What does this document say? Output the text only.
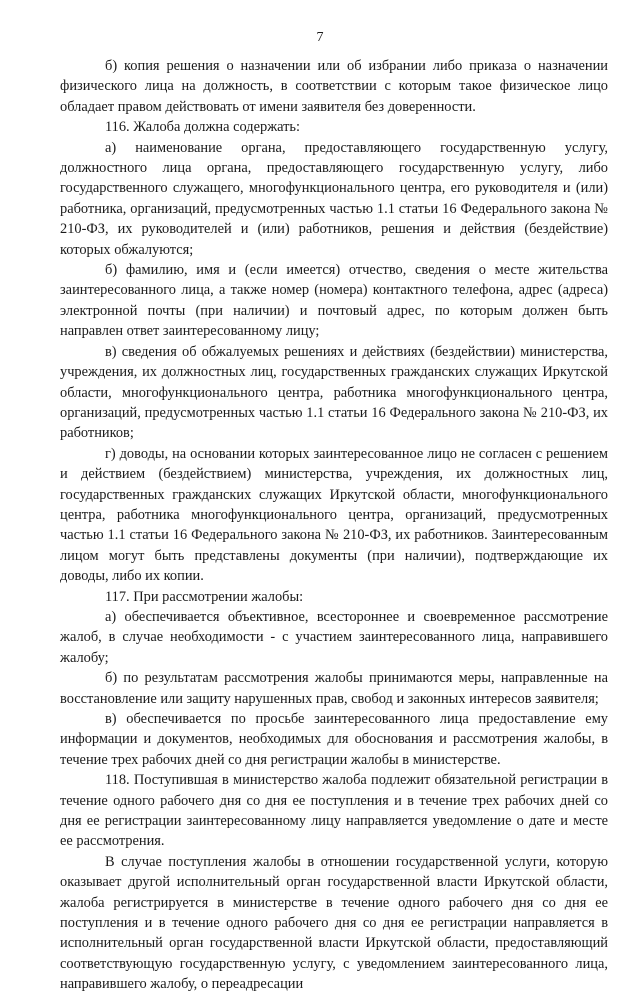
7

б) копия решения о назначении или об избрании либо приказа о назначении физического лица на должность, в соответствии с которым такое физическое лицо обладает правом действовать от имени заявителя без доверенности.

116. Жалоба должна содержать:

а) наименование органа, предоставляющего государственную услугу, должностного лица органа, предоставляющего государственную услугу, либо государственного служащего, многофункционального центра, его руководителя и (или) работника, организаций, предусмотренных частью 1.1 статьи 16 Федерального закона № 210-ФЗ, их руководителей и (или) работников, решения и действия (бездействие) которых обжалуются;

б) фамилию, имя и (если имеется) отчество, сведения о месте жительства заинтересованного лица, а также номер (номера) контактного телефона, адрес (адреса) электронной почты (при наличии) и почтовый адрес, по которым должен быть направлен ответ заинтересованному лицу;

в) сведения об обжалуемых решениях и действиях (бездействии) министерства, учреждения, их должностных лиц, государственных гражданских служащих Иркутской области, многофункционального центра, работника многофункционального центра, организаций, предусмотренных частью 1.1 статьи 16 Федерального закона № 210-ФЗ, их работников;

г) доводы, на основании которых заинтересованное лицо не согласен с решением и действием (бездействием) министерства, учреждения, их должностных лиц, государственных гражданских служащих Иркутской области, многофункционального центра, работника многофункционального центра, организаций, предусмотренных частью 1.1 статьи 16 Федерального закона № 210-ФЗ, их работников. Заинтересованным лицом могут быть представлены документы (при наличии), подтверждающие их доводы, либо их копии.

117. При рассмотрении жалобы:

а) обеспечивается объективное, всестороннее и своевременное рассмотрение жалоб, в случае необходимости - с участием заинтересованного лица, направившего жалобу;

б) по результатам рассмотрения жалобы принимаются меры, направленные на восстановление или защиту нарушенных прав, свобод и законных интересов заявителя;

в) обеспечивается по просьбе заинтересованного лица предоставление ему информации и документов, необходимых для обоснования и рассмотрения жалобы, в течение трех рабочих дней со дня регистрации жалобы в министерстве.

118. Поступившая в министерство жалоба подлежит обязательной регистрации в течение одного рабочего дня со дня ее поступления и в течение трех рабочих дней со дня ее регистрации заинтересованному лицу направляется уведомление о дате и месте ее рассмотрения.

В случае поступления жалобы в отношении государственной услуги, которую оказывает другой исполнительный орган государственной власти Иркутской области, жалоба регистрируется в министерстве в течение одного рабочего дня со дня ее поступления и в течение одного рабочего дня со дня ее регистрации направляется в исполнительный орган государственной власти Иркутской области, предоставляющий соответствующую государственную услугу, с уведомлением заинтересованного лица, направившего жалобу, о переадресации
